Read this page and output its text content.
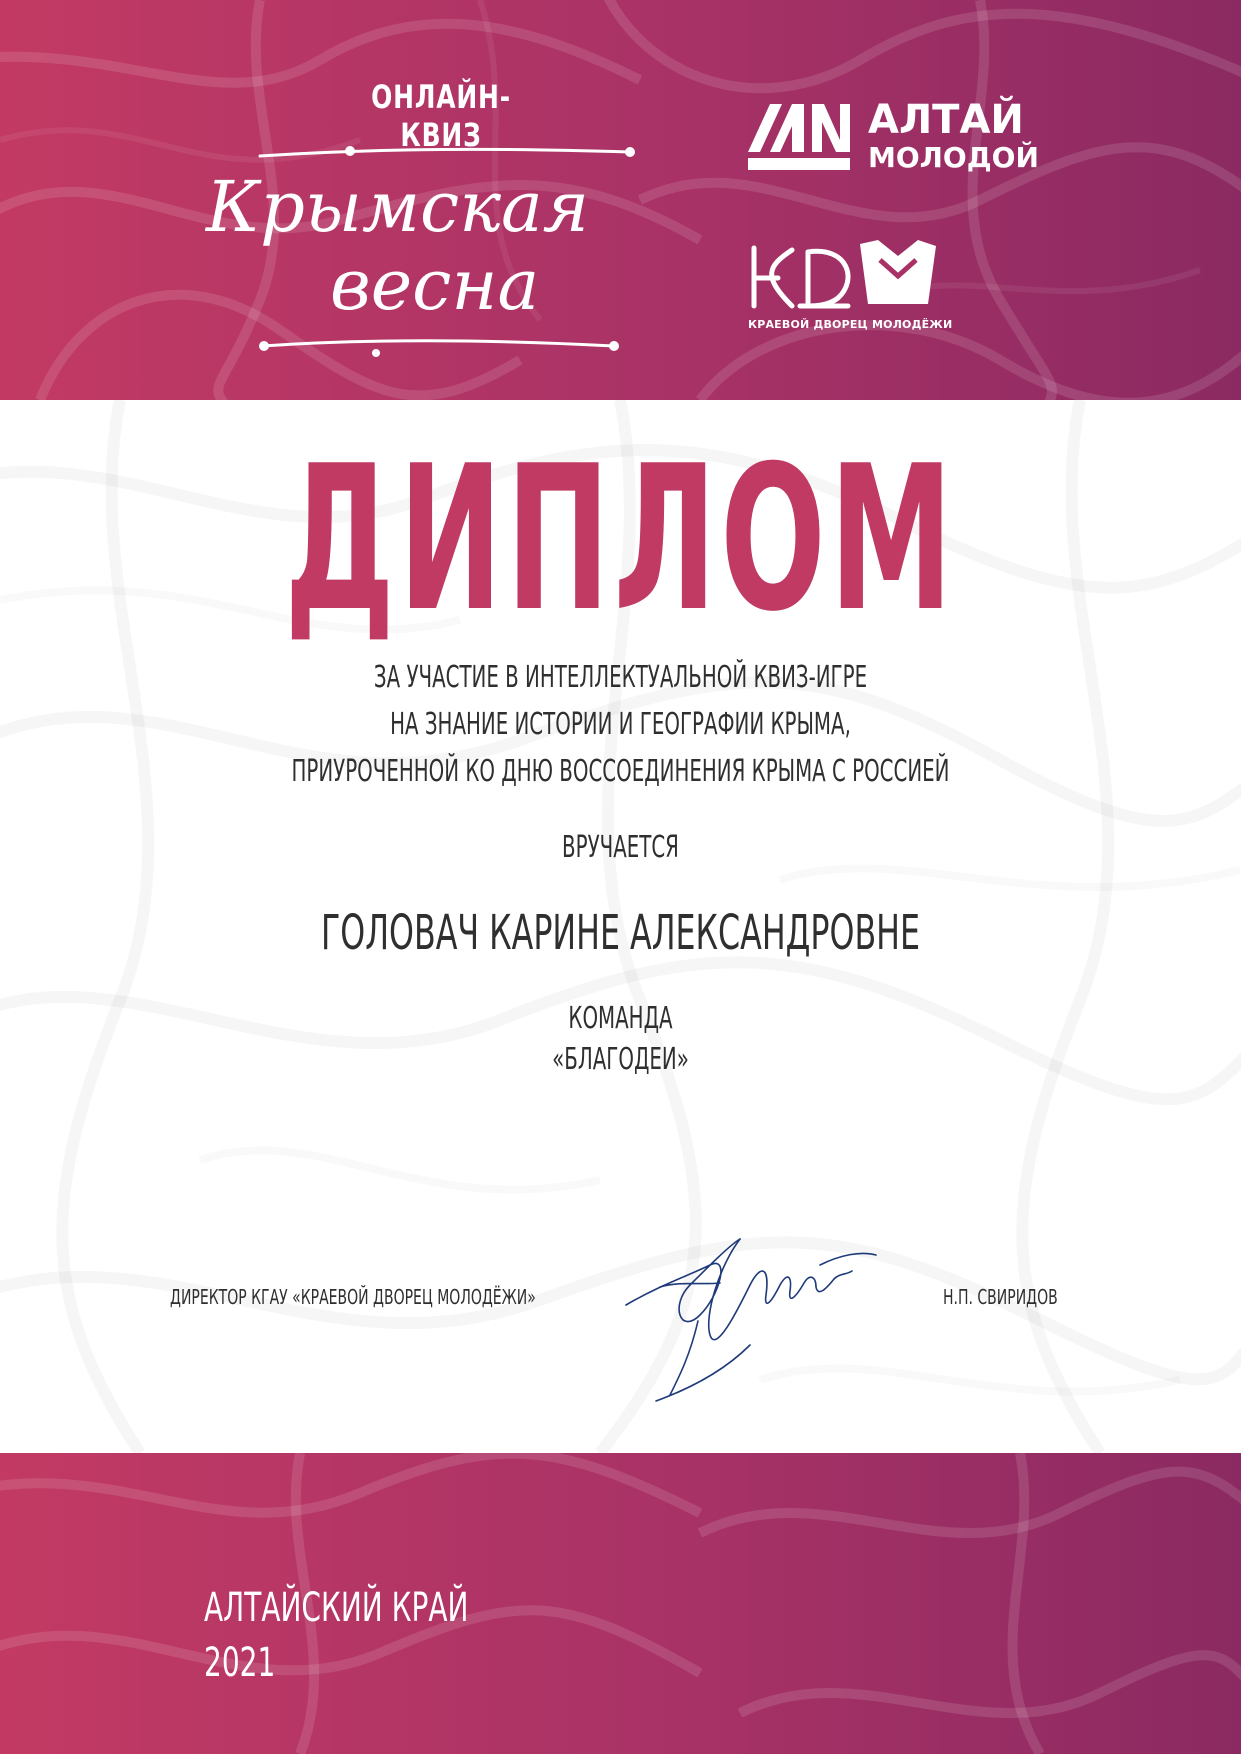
ОНЛАЙН-КВИЗ
Крымская
весна
АЛТАЙ
МОЛОДОЙ
КРАЕВОЙ ДВОРЕЦ МОЛОДЁЖИ
ДИПЛОМ
ЗА УЧАСТИЕ В ИНТЕЛЛЕКТУАЛЬНОЙ КВИЗ-ИГРЕ
НА ЗНАНИЕ ИСТОРИИ И ГЕОГРАФИИ КРЫМА,
ПРИУРОЧЕННОЙ КО ДНЮ ВОССОЕДИНЕНИЯ КРЫМА С РОССИЕЙ
ВРУЧАЕТСЯ
ГОЛОВАЧ КАРИНЕ АЛЕКСАНДРОВНЕ
КОМАНДА
«БЛАГОДЕИ»
ДИРЕКТОР КГАУ «КРАЕВОЙ ДВОРЕЦ МОЛОДЁЖИ»	Н.П. СВИРИДОВ
АЛТАЙСКИЙ КРАЙ
2021
